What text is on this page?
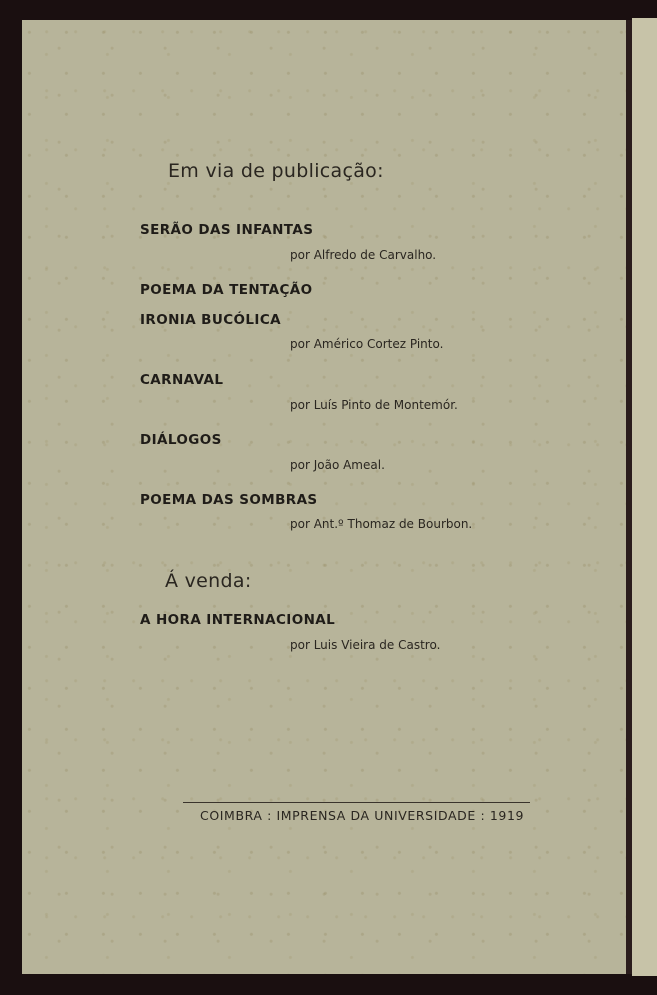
Em via de publicação:
SERÃO DAS INFANTAS
por Alfredo de Carvalho.
POEMA DA TENTAÇÃO
IRONIA BUCÓLICA
por Américo Cortez Pinto.
CARNAVAL
por Luís Pinto de Montemór.
DIÁLOGOS
por João Ameal.
POEMA DAS SOMBRAS
por Ant.º Thomaz de Bourbon.
Á venda:
A HORA INTERNACIONAL
por Luis Vieira de Castro.
COIMBRA : IMPRENSA DA UNIVERSIDADE : 1919
